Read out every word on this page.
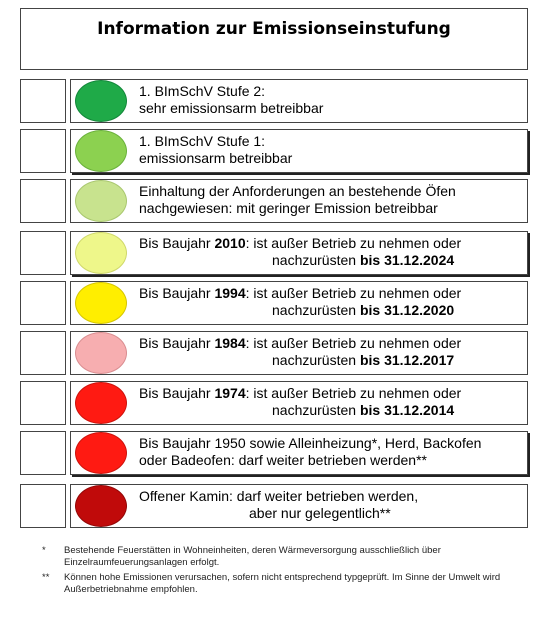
Information zur Emissionseinstufung
1. BImSchV Stufe 2:
sehr emissionsarm betreibbar
1. BImSchV Stufe 1:
emissionsarm betreibbar
Einhaltung der Anforderungen an bestehende Öfen
nachgewiesen: mit geringer Emission betreibbar
Bis Baujahr 2010: ist außer Betrieb zu nehmen oder
nachzurüsten bis 31.12.2024
Bis Baujahr 1994: ist außer Betrieb zu nehmen oder
nachzurüsten bis 31.12.2020
Bis Baujahr 1984: ist außer Betrieb zu nehmen oder
nachzurüsten bis 31.12.2017
Bis Baujahr 1974: ist außer Betrieb zu nehmen oder
nachzurüsten bis 31.12.2014
Bis Baujahr 1950 sowie Alleinheizung*, Herd, Backofen
oder Badeofen: darf weiter betrieben werden**
Offener Kamin: darf weiter betrieben werden,
aber nur gelegentlich**
* Bestehende Feuerstätten in Wohneinheiten, deren Wärmeversorgung ausschließlich über Einzelraumfeuerungsanlagen erfolgt.
** Können hohe Emissionen verursachen, sofern nicht entsprechend typgeprüft. Im Sinne der Umwelt wird Außerbetriebnahme empfohlen.
